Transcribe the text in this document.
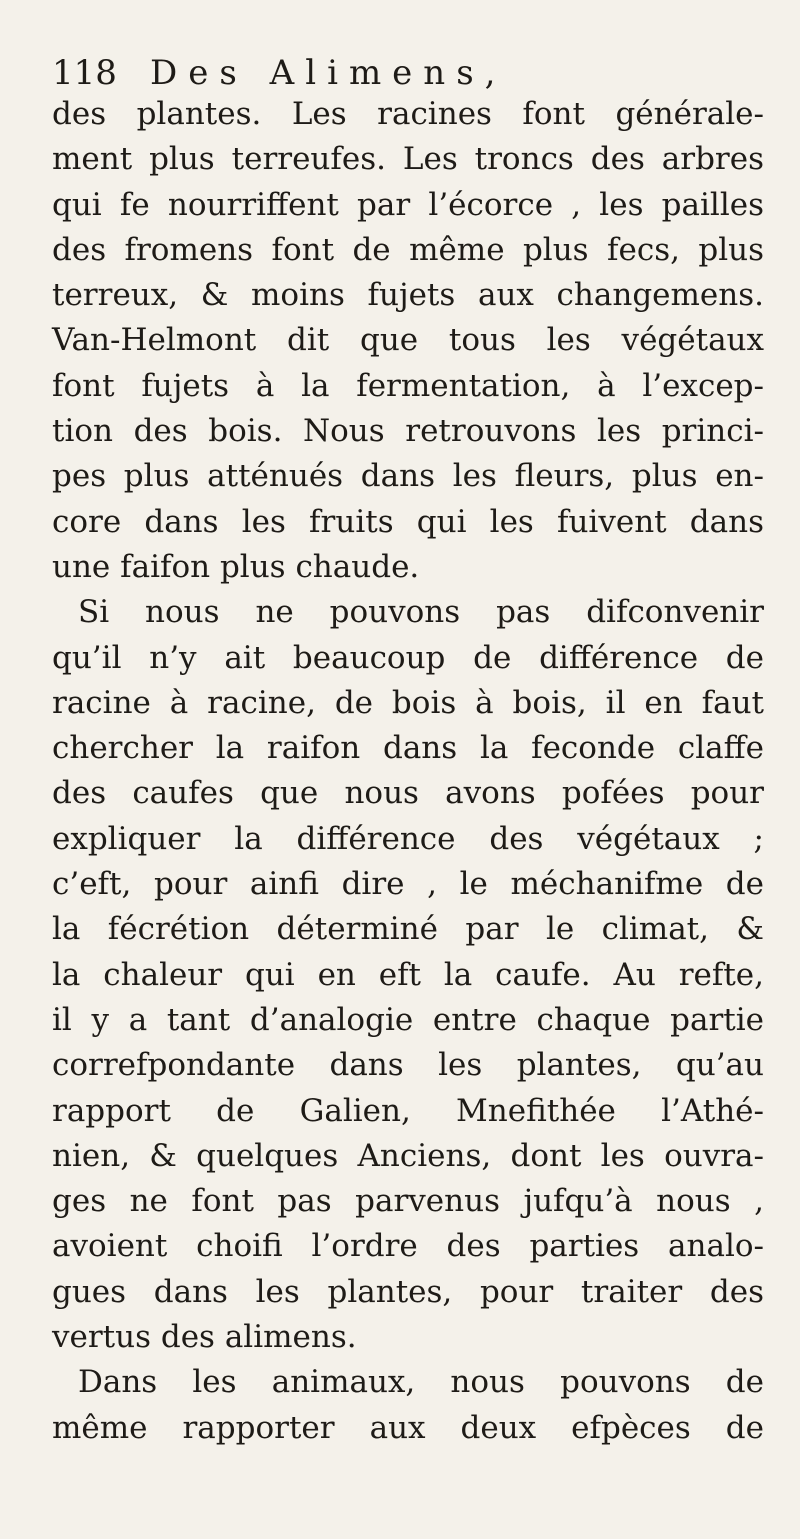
118 Des Alimens,
des plantes. Les racines font générale-
ment plus terreufes. Les troncs des arbres
qui fe nourriffent par l’écorce , les pailles
des fromens font de même plus fecs, plus
terreux, & moins fujets aux changemens.
Van-Helmont dit que tous les végétaux
font fujets à la fermentation, à l’excep-
tion des bois. Nous retrouvons les princi-
pes plus atténués dans les fleurs, plus en-
core dans les fruits qui les fuivent dans
une faifon plus chaude.
Si nous ne pouvons pas difconvenir
qu’il n’y ait beaucoup de différence de
racine à racine, de bois à bois, il en faut
chercher la raifon dans la feconde claffe
des caufes que nous avons pofées pour
expliquer la différence des végétaux ;
c’eft, pour ainfi dire , le méchanifme de
la fécrétion déterminé par le climat, &
la chaleur qui en eft la caufe. Au refte,
il y a tant d’analogie entre chaque partie
correfpondante dans les plantes, qu’au
rapport de Galien, Mnefithée l’Athé-
nien, & quelques Anciens, dont les ouvra-
ges ne font pas parvenus jufqu’à nous ,
avoient choifi l’ordre des parties analo-
gues dans les plantes, pour traiter des
vertus des alimens.
Dans les animaux, nous pouvons de
même rapporter aux deux efpèces de
